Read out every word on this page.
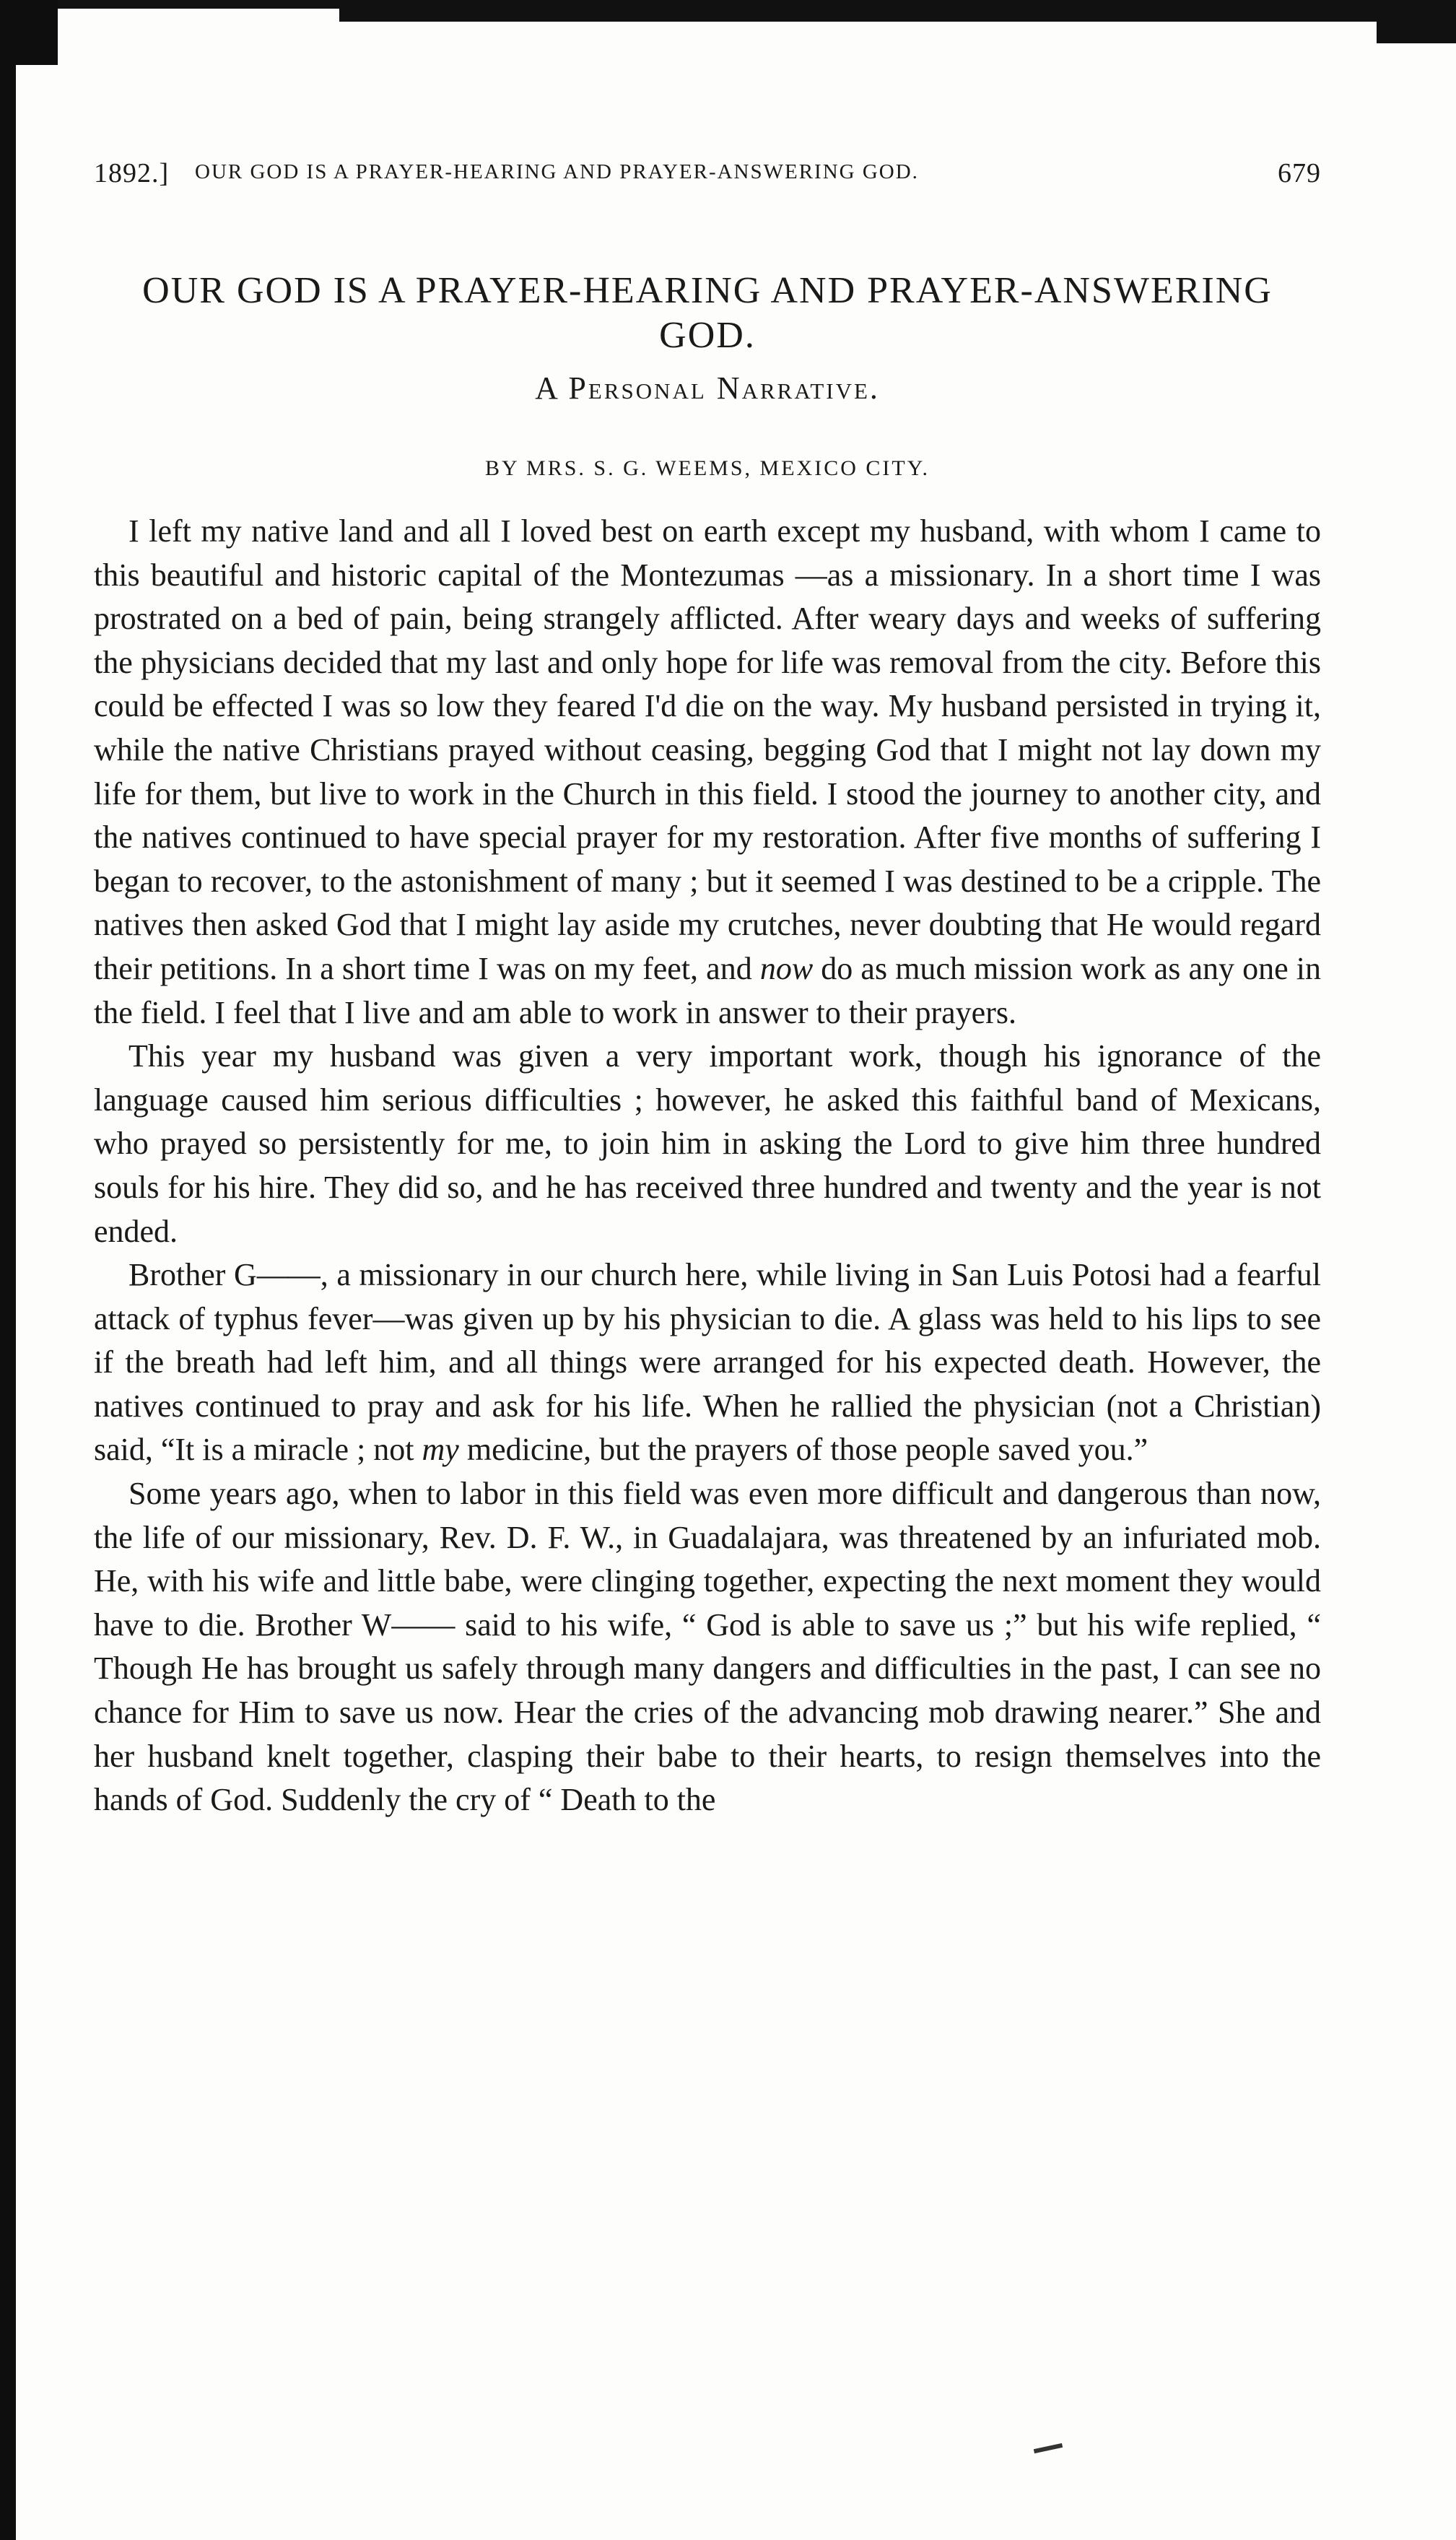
1892.] OUR GOD IS A PRAYER-HEARING AND PRAYER-ANSWERING GOD.	679
OUR GOD IS A PRAYER-HEARING AND PRAYER-ANSWERING GOD.
A Personal Narrative.
BY MRS. S. G. WEEMS, MEXICO CITY.

I left my native land and all I loved best on earth except my husband, with whom I came to this beautiful and historic capital of the Montezumas —as a missionary. In a short time I was prostrated on a bed of pain, being strangely afflicted. After weary days and weeks of suffering the physicians decided that my last and only hope for life was removal from the city. Before this could be effected I was so low they feared I'd die on the way. My husband persisted in trying it, while the native Christians prayed without ceasing, begging God that I might not lay down my life for them, but live to work in the Church in this field. I stood the journey to another city, and the natives continued to have special prayer for my restoration. After five months of suffering I began to recover, to the astonishment of many ; but it seemed I was destined to be a cripple. The natives then asked God that I might lay aside my crutches, never doubting that He would regard their petitions. In a short time I was on my feet, and now do as much mission work as any one in the field. I feel that I live and am able to work in answer to their prayers.

This year my husband was given a very important work, though his ignorance of the language caused him serious difficulties ; however, he asked this faithful band of Mexicans, who prayed so persistently for me, to join him in asking the Lord to give him three hundred souls for his hire. They did so, and he has received three hundred and twenty and the year is not ended.

Brother G——, a missionary in our church here, while living in San Luis Potosi had a fearful attack of typhus fever—was given up by his physician to die. A glass was held to his lips to see if the breath had left him, and all things were arranged for his expected death. However, the natives continued to pray and ask for his life. When he rallied the physician (not a Christian) said, “It is a miracle ; not my medicine, but the prayers of those people saved you.”

Some years ago, when to labor in this field was even more difficult and dangerous than now, the life of our missionary, Rev. D. F. W., in Guadalajara, was threatened by an infuriated mob. He, with his wife and little babe, were clinging together, expecting the next moment they would have to die. Brother W—— said to his wife, “ God is able to save us ;” but his wife replied, “ Though He has brought us safely through many dangers and difficulties in the past, I can see no chance for Him to save us now. Hear the cries of the advancing mob drawing nearer.” She and her husband knelt together, clasping their babe to their hearts, to resign themselves into the hands of God. Suddenly the cry of “ Death to the
